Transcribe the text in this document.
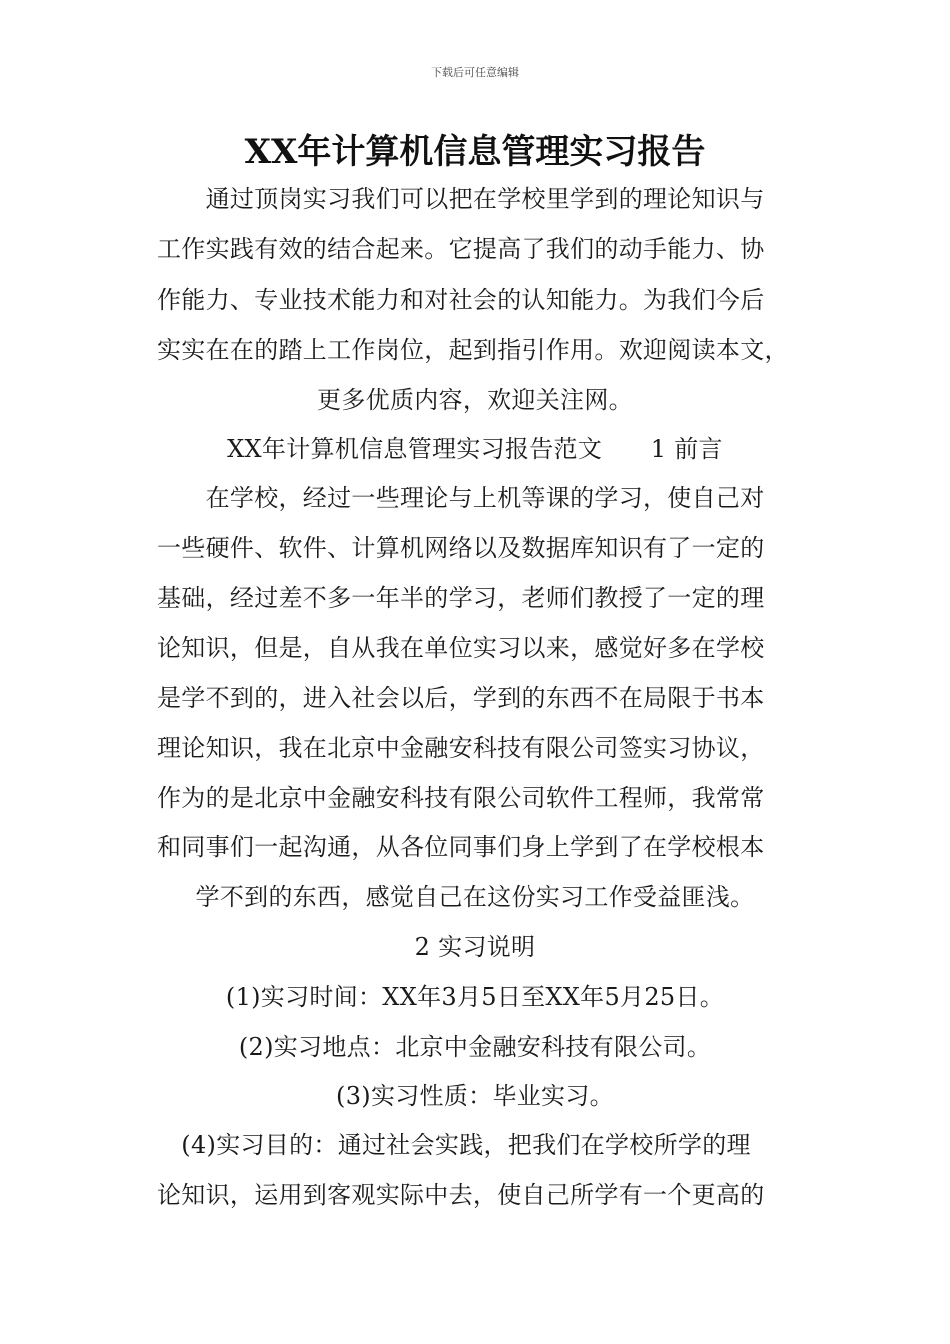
下载后可任意编辑
XX年计算机信息管理实习报告
　　通过顶岗实习我们可以把在学校里学到的理论知识与
工作实践有效的结合起来。它提高了我们的动手能力、协
作能力、专业技术能力和对社会的认知能力。为我们今后
实实在在的踏上工作岗位，起到指引作用。欢迎阅读本文，
更多优质内容，欢迎关注网。
XX年计算机信息管理实习报告范文　　1 前言
　　在学校，经过一些理论与上机等课的学习，使自己对
一些硬件、软件、计算机网络以及数据库知识有了一定的
基础，经过差不多一年半的学习，老师们教授了一定的理
论知识，但是，自从我在单位实习以来，感觉好多在学校
是学不到的，进入社会以后，学到的东西不在局限于书本
理论知识，我在北京中金融安科技有限公司签实习协议，
作为的是北京中金融安科技有限公司软件工程师，我常常
和同事们一起沟通，从各位同事们身上学到了在学校根本
学不到的东西，感觉自己在这份实习工作受益匪浅。
2 实习说明
(1)实习时间：XX年3月5日至XX年5月25日。
(2)实习地点：北京中金融安科技有限公司。
(3)实习性质：毕业实习。
　(4)实习目的：通过社会实践，把我们在学校所学的理
论知识，运用到客观实际中去，使自己所学有一个更高的
